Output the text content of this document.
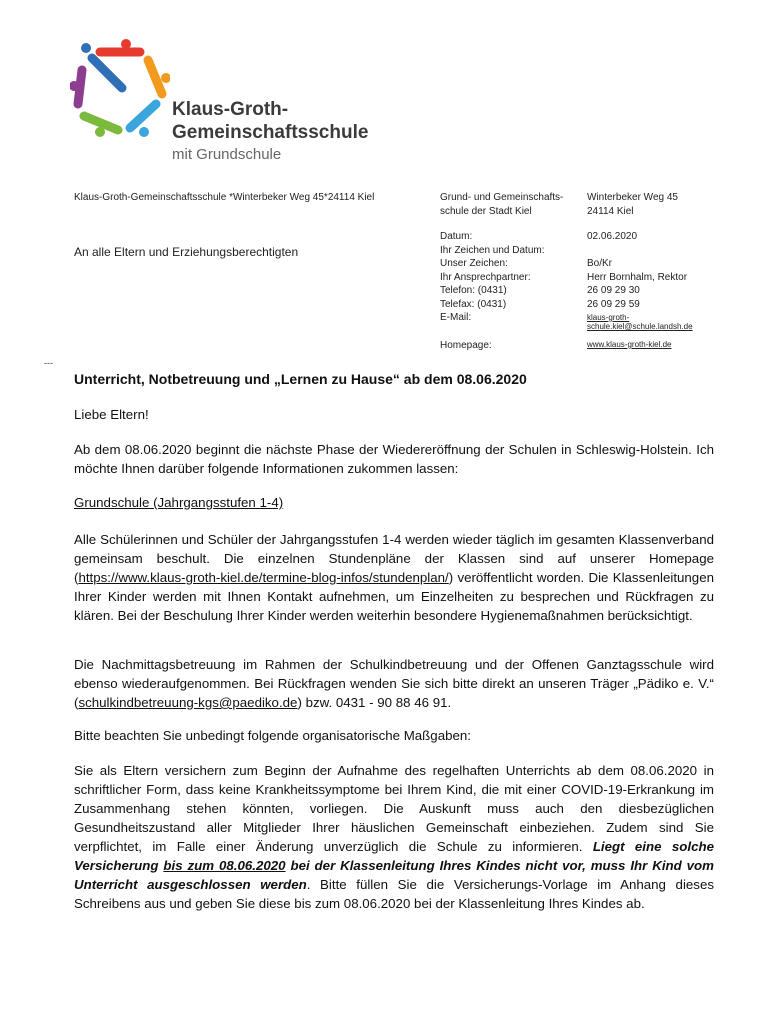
Klaus-Groth-
Gemeinschaftsschule
mit Grundschule
Klaus-Groth-Gemeinschaftsschule *Winterbeker Weg 45*24114 Kiel
An alle Eltern und Erziehungsberechtigten
Grund- und Gemeinschafts-
schule der Stadt Kiel
Winterbeker Weg 45
24114 Kiel
Datum:
Ihr Zeichen und Datum:
Unser Zeichen:
Ihr Ansprechpartner:
Telefon: (0431)
Telefax: (0431)
E-Mail:
02.06.2020
Bo/Kr
Herr Bornhalm, Rektor
26 09 29 30
26 09 29 59
klaus-groth-
schule.kiel@schule.landsh.de
Homepage:	www.klaus-groth-kiel.de
---
Unterricht, Notbetreuung und „Lernen zu Hause“ ab dem 08.06.2020
Liebe Eltern!
Ab dem 08.06.2020 beginnt die nächste Phase der Wiedereröffnung der Schulen in Schleswig-Holstein. Ich möchte Ihnen darüber folgende Informationen zukommen lassen:
Grundschule (Jahrgangsstufen 1-4)
Alle Schülerinnen und Schüler der Jahrgangsstufen 1-4 werden wieder täglich im gesamten Klassenverband gemeinsam beschult. Die einzelnen Stundenpläne der Klassen sind auf unserer Homepage (https://www.klaus-groth-kiel.de/termine-blog-infos/stundenplan/) veröffentlicht worden. Die Klassenleitungen Ihrer Kinder werden mit Ihnen Kontakt aufnehmen, um Einzelheiten zu besprechen und Rückfragen zu klären. Bei der Beschulung Ihrer Kinder werden weiterhin besondere Hygienemaßnahmen berücksichtigt.
Die Nachmittagsbetreuung im Rahmen der Schulkindbetreuung und der Offenen Ganztagsschule wird ebenso wiederaufgenommen. Bei Rückfragen wenden Sie sich bitte direkt an unseren Träger „Pädiko e. V.“ (schulkindbetreuung-kgs@paediko.de) bzw. 0431 - 90 88 46 91.
Bitte beachten Sie unbedingt folgende organisatorische Maßgaben:
Sie als Eltern versichern zum Beginn der Aufnahme des regelhaften Unterrichts ab dem 08.06.2020 in schriftlicher Form, dass keine Krankheitssymptome bei Ihrem Kind, die mit einer COVID-19-Erkrankung im Zusammenhang stehen könnten, vorliegen. Die Auskunft muss auch den diesbezüglichen Gesundheitszustand aller Mitglieder Ihrer häuslichen Gemeinschaft einbeziehen. Zudem sind Sie verpflichtet, im Falle einer Änderung unverzüglich die Schule zu informieren. Liegt eine solche Versicherung bis zum 08.06.2020 bei der Klassenleitung Ihres Kindes nicht vor, muss Ihr Kind vom Unterricht ausgeschlossen werden. Bitte füllen Sie die Versicherungs-Vorlage im Anhang dieses Schreibens aus und geben Sie diese bis zum 08.06.2020 bei der Klassenleitung Ihres Kindes ab.
